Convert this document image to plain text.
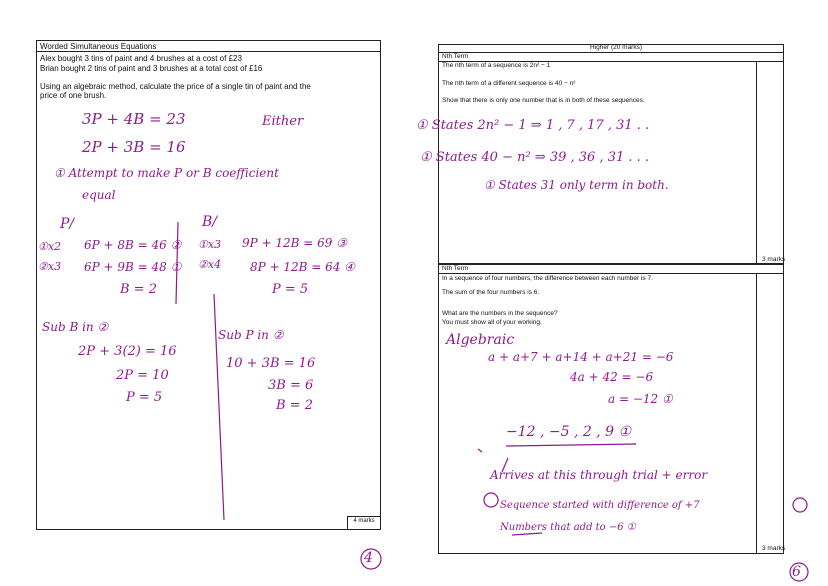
Worded Simultaneous Equations
Alex bought 3 tins of paint and 4 brushes at a cost of £23
Brian bought 2 tins of paint and 3 brushes at a total cost of £16
Using an algebraic method, calculate the price of a single tin of paint and the
price of one brush.
4 marks
3P + 4B = 23	Either
2P + 3B = 16
① Attempt to make P or B coefficient
equal
P/	B/
①x2 6P + 8B = 46 ② ①x3 9P + 12B = 69 ③
②x3 6P + 9B = 48 ① ②x4 8P + 12B = 64 ④
B = 2	P = 5
Sub B in ②
2P + 3(2) = 16
2P = 10
P = 5
Sub P in ②
10 + 3B = 16
3B = 6
B = 2
4
Higher (20 marks)
Nth Term
The nth term of a sequence is 2n² − 1
The nth term of a different sequence is 40 − n²
Show that there is only one number that is in both of these sequences.
3 marks
① States 2n² − 1 ⇒ 1 , 7 , 17 , 31 . .
① States 40 − n² ⇒ 39 , 36 , 31 . . .
① States 31 only term in both.
Nth Term
In a sequence of four numbers, the difference between each number is 7.
The sum of the four numbers is 6.
What are the numbers in the sequence?
You must show all of your working.
3 marks
Algebraic
a + a+7 + a+14 + a+21 = −6
4a + 42 = −6
a = −12 ①
−12 , −5 , 2 , 9 ①
Arrives at this through trial + error
Sequence started with difference of +7
Numbers that add to −6 ①
6
